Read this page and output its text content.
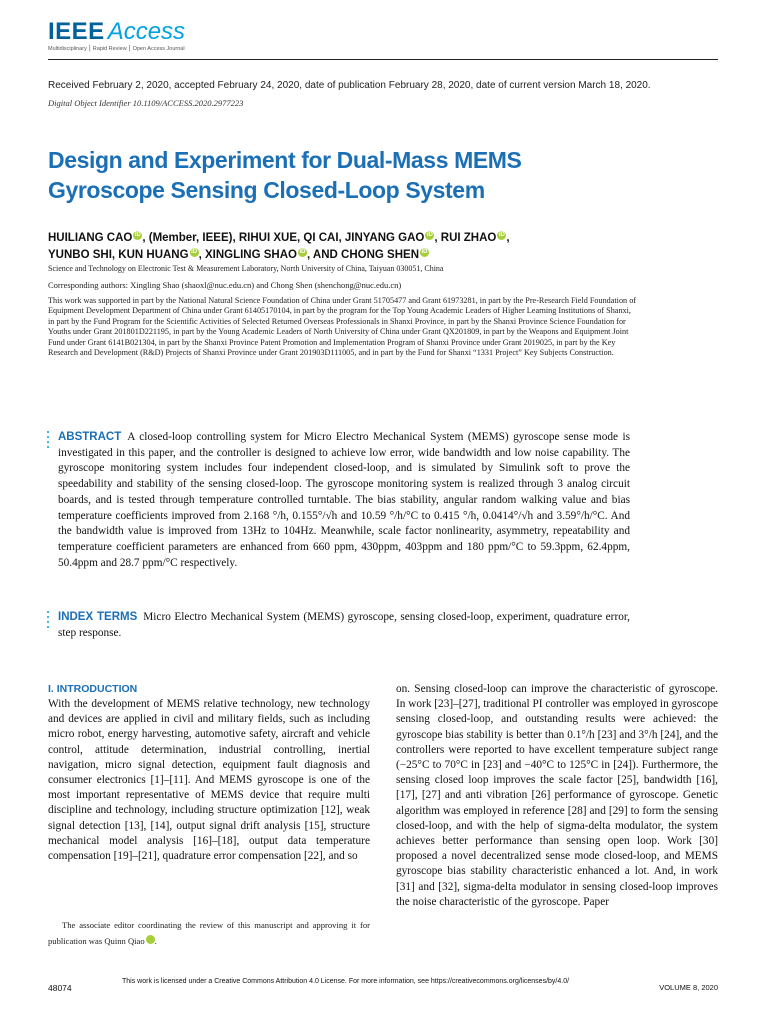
IEEE Access
Multidisciplinary ⎮ Rapid Review ⎮ Open Access Journal
Received February 2, 2020, accepted February 24, 2020, date of publication February 28, 2020, date of current version March 18, 2020.
Digital Object Identifier 10.1109/ACCESS.2020.2977223
Design and Experiment for Dual-Mass MEMS
Gyroscope Sensing Closed-Loop System
HUILIANG CAO iD , (Member, IEEE), RIHUI XUE, QI CAI, JINYANG GAO iD , RUI ZHAO iD ,
YUNBO SHI, KUN HUANG iD , XINGLING SHAO iD , AND CHONG SHEN iD
Science and Technology on Electronic Test & Measurement Laboratory, North University of China, Taiyuan 030051, China
Corresponding authors: Xingling Shao (shaoxl@nuc.edu.cn) and Chong Shen (shenchong@nuc.edu.cn)
This work was supported in part by the National Natural Science Foundation of China under Grant 51705477 and Grant 61973281, in part by the Pre-Research Field Foundation of Equipment Development Department of China under Grant 61405170104, in part by the program for the Top Young Academic Leaders of Higher Learning Institutions of Shanxi, in part by the Fund Program for the Scientific Activities of Selected Returned Overseas Professionals in Shanxi Province, in part by the Shanxi Province Science Foundation for Youths under Grant 201801D221195, in part by the Young Academic Leaders of North University of China under Grant QX201809, in part by the Weapons and Equipment Joint Fund under Grant 6141B021304, in part by the Shanxi Province Patent Promotion and Implementation Program of Shanxi Province under Grant 2019025, in part by the Key Research and Development (R&D) Projects of Shanxi Province under Grant 201903D111005, and in part by the Fund for Shanxi “1331 Project” Key Subjects Construction.
ABSTRACT A closed-loop controlling system for Micro Electro Mechanical System (MEMS) gyroscope sense mode is investigated in this paper, and the controller is designed to achieve low error, wide bandwidth and low noise capability. The gyroscope monitoring system includes four independent closed-loop, and is simulated by Simulink soft to prove the speedability and stability of the sensing closed-loop. The gyroscope monitoring system is realized through 3 analog circuit boards, and is tested through temperature controlled turntable. The bias stability, angular random walking value and bias temperature coefficients improved from 2.168 °/h, 0.155°/√h and 10.59 °/h/°C to 0.415 °/h, 0.0414°/√h and 3.59°/h/°C. And the bandwidth value is improved from 13Hz to 104Hz. Meanwhile, scale factor nonlinearity, asymmetry, repeatability and temperature coefficient parameters are enhanced from 660 ppm, 430ppm, 403ppm and 180 ppm/°C to 59.3ppm, 62.4ppm, 50.4ppm and 28.7 ppm/°C respectively.
INDEX TERMS Micro Electro Mechanical System (MEMS) gyroscope, sensing closed-loop, experiment, quadrature error, step response.
I. INTRODUCTION
With the development of MEMS relative technology, new technology and devices are applied in civil and military fields, such as including micro robot, energy harvesting, automotive safety, aircraft and vehicle control, attitude determination, industrial controlling, inertial navigation, micro signal detection, equipment fault diagnosis and consumer electronics [1]–[11]. And MEMS gyroscope is one of the most important representative of MEMS device that require multi discipline and technology, including structure optimization [12], weak signal detection [13], [14], output signal drift analysis [15], structure mechanical model analysis [16]–[18], output data temperature compensation [19]–[21], quadrature error compensation [22], and so
on. Sensing closed-loop can improve the characteristic of gyroscope. In work [23]–[27], traditional PI controller was employed in gyroscope sensing closed-loop, and outstanding results were achieved: the gyroscope bias stability is better than 0.1°/h [23] and 3°/h [24], and the controllers were reported to have excellent temperature subject range (−25°C to 70°C in [23] and −40°C to 125°C in [24]). Furthermore, the sensing closed loop improves the scale factor [25], bandwidth [16], [17], [27] and anti vibration [26] performance of gyroscope. Genetic algorithm was employed in reference [28] and [29] to form the sensing closed-loop, and with the help of sigma-delta modulator, the system achieves better performance than sensing open loop. Work [30] proposed a novel decentralized sense mode closed-loop, and MEMS gyroscope bias stability characteristic enhanced a lot. And, in work [31] and [32], sigma-delta modulator in sensing closed-loop improves the noise characteristic of the gyroscope. Paper
The associate editor coordinating the review of this manuscript and approving it for publication was Quinn Qiao	iD.
48074
This work is licensed under a Creative Commons Attribution 4.0 License. For more information, see https://creativecommons.org/licenses/by/4.0/
VOLUME 8, 2020
